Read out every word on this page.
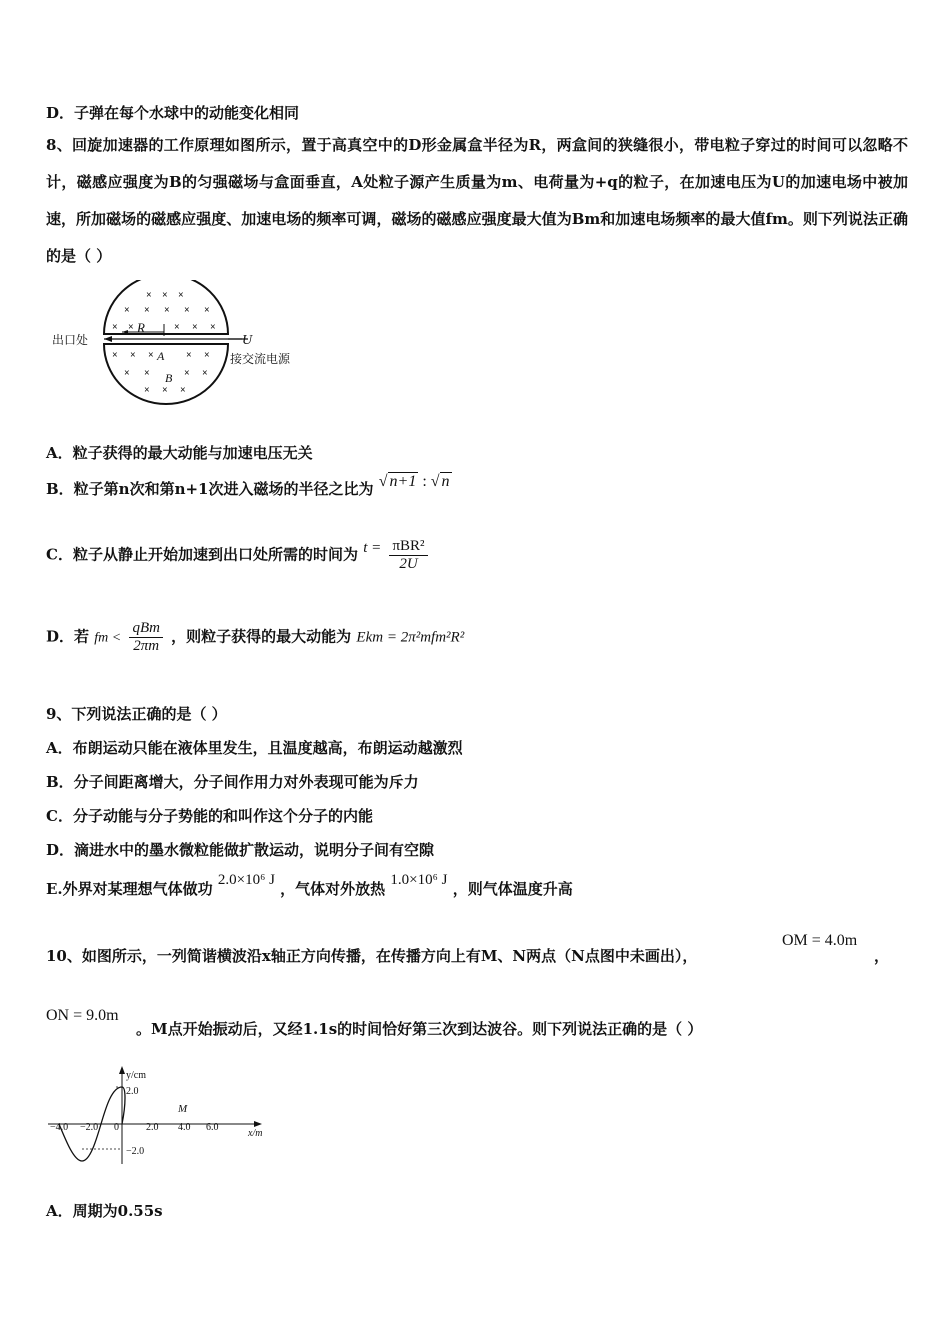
D．子弹在每个水球中的动能变化相同
8、回旋加速器的工作原理如图所示，置于高真空中的D形金属盒半径为R，两盒间的狭缝很小，带电粒子穿过的时间可以忽略不计，磁感应强度为B的匀强磁场与盒面垂直，A处粒子源产生质量为m、电荷量为+q的粒子，在加速电压为U的加速电场中被加速，所加磁场的磁感应强度、加速电场的频率可调，磁场的磁感应强度最大值为Bm和加速电场频率的最大值fm。则下列说法正确的是（ ）
× × ×
× × × × ×
× ×	× × ×
× × ×	× ×
× ×	× ×
× × ×
R
A
B
出口处	U
接交流电源
A．粒子获得的最大动能与加速电压无关
B．粒子第n次和第n+1次进入磁场的半径之比为 √ n+1 : √ n
C．粒子从静止开始加速到出口处所需的时间为 $t = \frac{\text{πBR²}}{2U}$
D．若 fm < $\frac{\text{qBm}}{2\pi m}$ ，则粒子获得的最大动能为 Ekm = 2π²mfm²R²
9、下列说法正确的是（ ）
A．布朗运动只能在液体里发生，且温度越高，布朗运动越激烈
B．分子间距离增大，分子间作用力对外表现可能为斥力
C．分子动能与分子势能的和叫作这个分子的内能
D．滴进水中的墨水微粒能做扩散运动，说明分子间有空隙
E.外界对某理想气体做功 2.0×10⁶ J ，气体对外放热 1.0×10⁶ J ，则气体温度升高
10、如图所示，一列简谐横波沿x轴正方向传播，在传播方向上有M、N两点（N点图中未画出），
OM = 4.0m
，
ON = 9.0m
。M点开始振动后，又经1.1s的时间恰好第三次到达波谷。则下列说法正确的是（ ）
y/cm
2.0
−2.0
M
x/m
−4.0 −2.0 0	2.0 4.0 6.0
A．周期为0.55s
